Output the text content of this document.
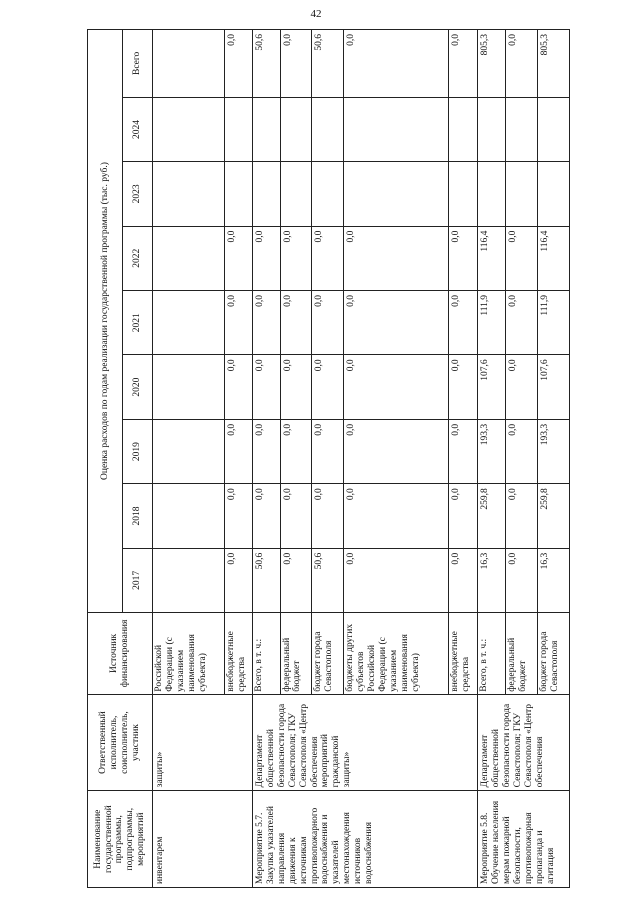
42
Наименование государственной программы, подпрограммы, мероприятий	Ответственный исполнитель, соисполнитель, участник	Источник финансирования	Оценка расходов по годам реализации государственной программы (тыс. руб.)								
			2017	2018	2019	2020	2021	2022	2023	2024	Всего
инвентарем	защиты»	Российской Федерации (с указанием наименования субъекта)									
		внебюджетные средства	0,0	0,0	0,0	0,0	0,0	0,0			0,0
Мероприятие 5.7. Закупка указателей направления движения к источникам противопожарного водоснабжения и указателей местонахождения источников водоснабжения	Департамент общественной безопасности города Севастополя; ГКУ Севастополя «Центр обеспечения мероприятий гражданской защиты»	Всего, в т. ч.:	50,6	0,0	0,0	0,0	0,0	0,0			50,6
		федеральный бюджет	0,0	0,0	0,0	0,0	0,0	0,0			0,0
		бюджет города Севастополя	50,6	0,0	0,0	0,0	0,0	0,0			50,6
		бюджеты других субъектов Российской Федерации (с указанием наименования субъекта)	0,0	0,0	0,0	0,0	0,0	0,0			0,0
		внебюджетные средства	0,0	0,0	0,0	0,0	0,0	0,0			0,0
Мероприятие 5.8. Обучение населения мерам пожарной безопасности, противопожарная пропаганда и агитация	Департамент общественной безопасности города Севастополя; ГКУ Севастополя «Центр обеспечения	Всего, в т. ч.:	16,3	259,8	193,3	107,6	111,9	116,4			805,3
		федеральный бюджет	0,0	0,0	0,0	0,0	0,0	0,0			0,0
		бюджет города Севастополя	16,3	259,8	193,3	107,6	111,9	116,4			805,3
